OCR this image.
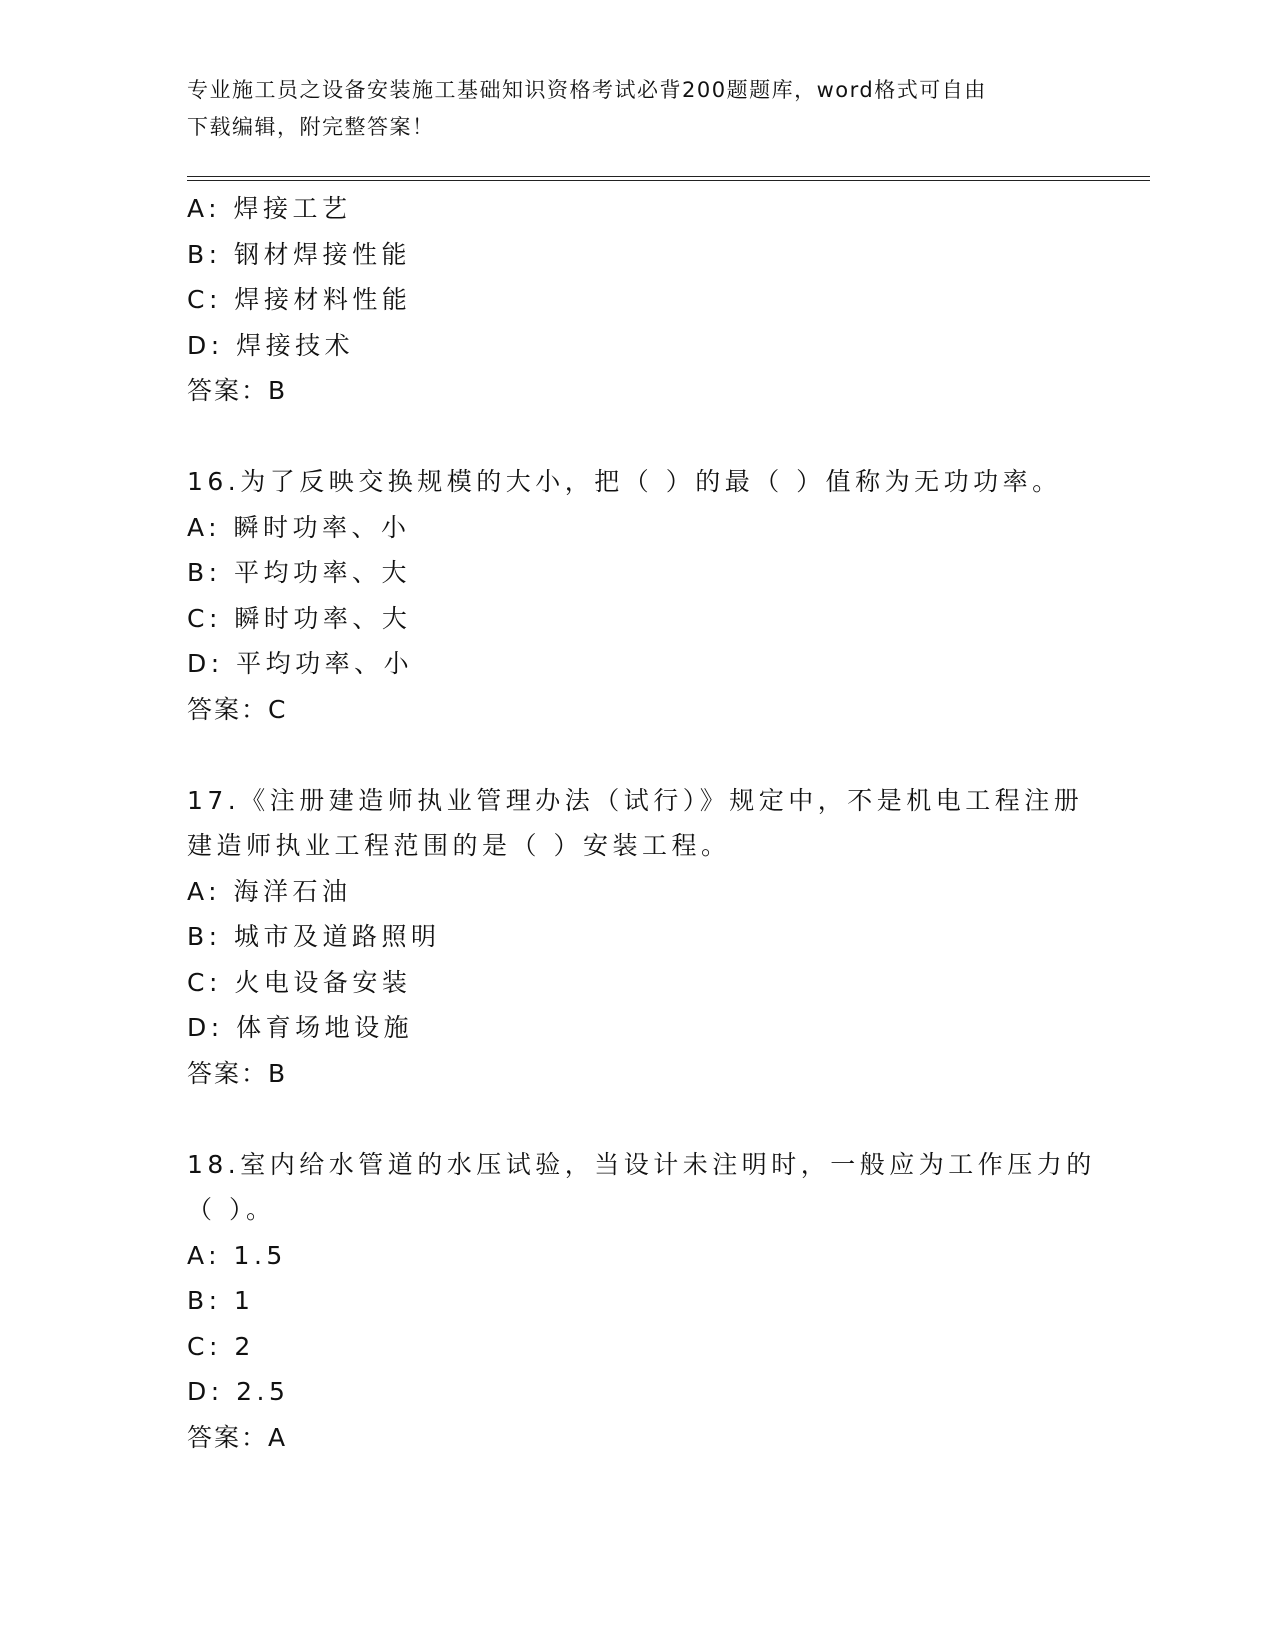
专业施工员之设备安装施工基础知识资格考试必背200题题库，word格式可自由
下载编辑，附完整答案！
A: 焊接工艺
B: 钢材焊接性能
C: 焊接材料性能
D: 焊接技术
答案：B
16.为了反映交换规模的大小，把（ ）的最（ ）值称为无功功率。
A: 瞬时功率、小
B: 平均功率、大
C: 瞬时功率、大
D: 平均功率、小
答案：C
17.《注册建造师执业管理办法（试行）》规定中，不是机电工程注册
建造师执业工程范围的是（ ）安装工程。
A: 海洋石油
B: 城市及道路照明
C: 火电设备安装
D: 体育场地设施
答案：B
18.室内给水管道的水压试验，当设计未注明时，一般应为工作压力的
（ ）。
A: 1.5
B: 1
C: 2
D: 2.5
答案：A
